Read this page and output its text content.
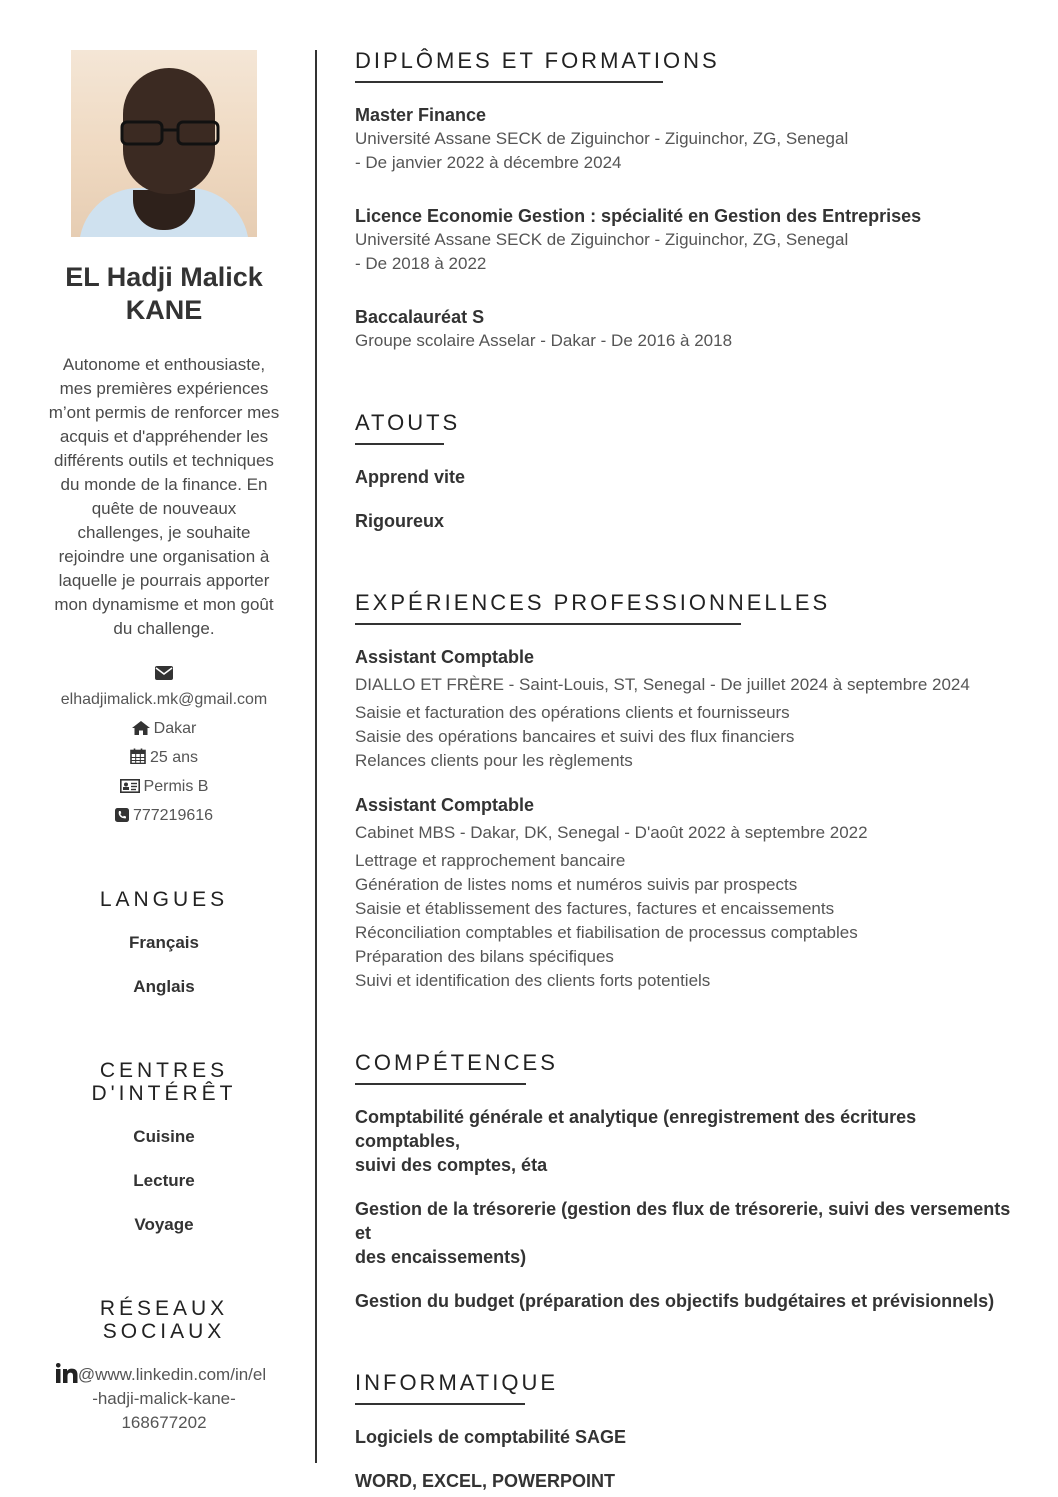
EL Hadji Malick
KANE
Autonome et enthousiaste, mes premières expériences m’ont permis de renforcer mes acquis et d'appréhender les différents outils et techniques du monde de la finance. En quête de nouveaux challenges, je souhaite rejoindre une organisation à laquelle je pourrais apporter mon dynamisme et mon goût du challenge.
elhadjimalick.mk@gmail.com
Dakar
25 ans
Permis B
777219616
LANGUES
Français
Anglais
CENTRES
D'INTÉRÊT
Cuisine
Lecture
Voyage
RÉSEAUX
SOCIAUX
@www.linkedin.com/in/el
-hadji-malick-kane-
168677202
DIPLÔMES ET FORMATIONS
Master Finance
Université Assane SECK de Ziguinchor - Ziguinchor, ZG, Senegal
- De janvier 2022 à décembre 2024
Licence Economie Gestion : spécialité en Gestion des Entreprises
Université Assane SECK de Ziguinchor - Ziguinchor, ZG, Senegal
- De 2018 à 2022
Baccalauréat S
Groupe scolaire Asselar - Dakar - De 2016 à 2018
ATOUTS
Apprend vite
Rigoureux
EXPÉRIENCES PROFESSIONNELLES
Assistant Comptable
DIALLO ET FRÈRE - Saint-Louis, ST, Senegal - De juillet 2024 à septembre 2024
Saisie et facturation des opérations clients et fournisseurs
Saisie des opérations bancaires et suivi des flux financiers
Relances clients pour les règlements
Assistant Comptable
Cabinet MBS - Dakar, DK, Senegal - D'août 2022 à septembre 2022
Lettrage et rapprochement bancaire
Génération de listes noms et numéros suivis par prospects
Saisie et établissement des factures, factures et encaissements
Réconciliation comptables et fiabilisation de processus comptables
Préparation des bilans spécifiques
Suivi et identification des clients forts potentiels
COMPÉTENCES
Comptabilité générale et analytique (enregistrement des écritures comptables,
suivi des comptes, éta
Gestion de la trésorerie (gestion des flux de trésorerie, suivi des versements et
des encaissements)
Gestion du budget (préparation des objectifs budgétaires et prévisionnels)
INFORMATIQUE
Logiciels de comptabilité SAGE
WORD, EXCEL, POWERPOINT
